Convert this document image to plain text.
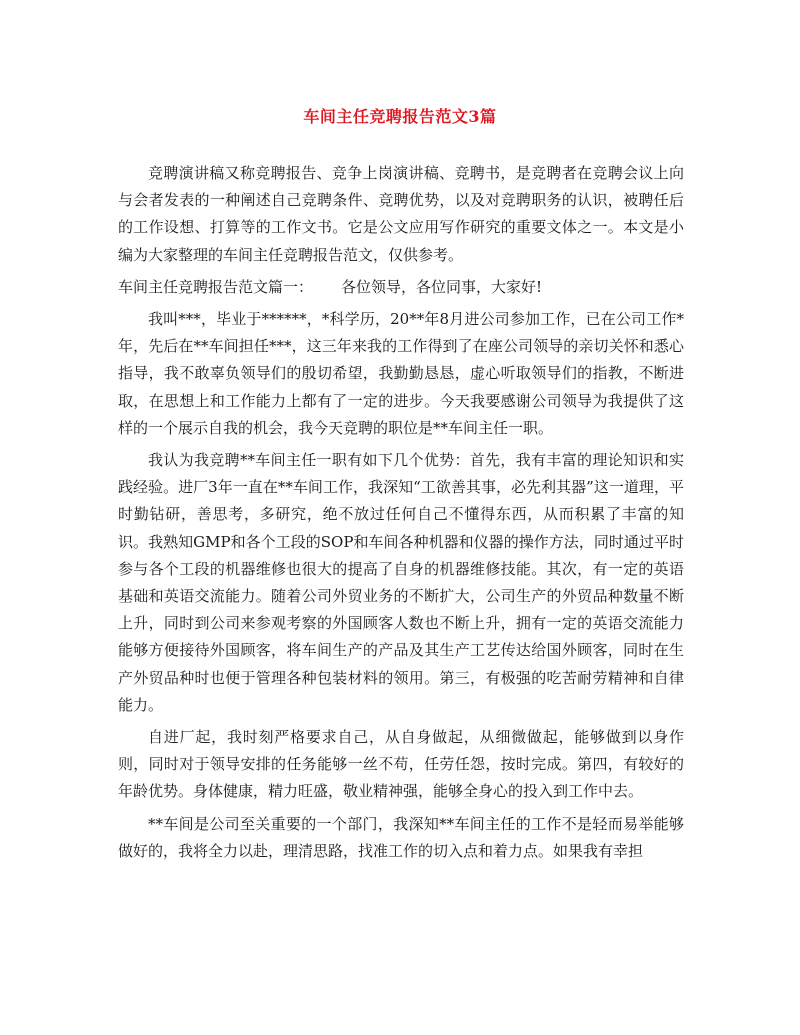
车间主任竞聘报告范文3篇

竞聘演讲稿又称竞聘报告、竞争上岗演讲稿、竞聘书，是竞聘者在竞聘会议上向与会者发表的一种阐述自己竞聘条件、竞聘优势，以及对竞聘职务的认识，被聘任后的工作设想、打算等的工作文书。它是公文应用写作研究的重要文体之一。本文是小编为大家整理的车间主任竞聘报告范文，仅供参考。

车间主任竞聘报告范文篇一： 各位领导，各位同事，大家好!

我叫***，毕业于******，*科学历，20**年8月进公司参加工作，已在公司工作*年，先后在**车间担任***，这三年来我的工作得到了在座公司领导的亲切关怀和悉心指导，我不敢辜负领导们的殷切希望，我勤勤恳恳，虚心听取领导们的指教，不断进取，在思想上和工作能力上都有了一定的进步。今天我要感谢公司领导为我提供了这样的一个展示自我的机会，我今天竞聘的职位是**车间主任一职。

我认为我竞聘**车间主任一职有如下几个优势：首先，我有丰富的理论知识和实践经验。进厂3年一直在**车间工作，我深知“工欲善其事，必先利其器”这一道理，平时勤钻研，善思考，多研究，绝不放过任何自己不懂得东西，从而积累了丰富的知识。我熟知GMP和各个工段的SOP和车间各种机器和仪器的操作方法，同时通过平时参与各个工段的机器维修也很大的提高了自身的机器维修技能。其次，有一定的英语基础和英语交流能力。随着公司外贸业务的不断扩大，公司生产的外贸品种数量不断上升，同时到公司来参观考察的外国顾客人数也不断上升，拥有一定的英语交流能力能够方便接待外国顾客，将车间生产的产品及其生产工艺传达给国外顾客，同时在生产外贸品种时也便于管理各种包装材料的领用。第三，有极强的吃苦耐劳精神和自律能力。

自进厂起，我时刻严格要求自己，从自身做起，从细微做起，能够做到以身作则，同时对于领导安排的任务能够一丝不苟，任劳任怨，按时完成。第四，有较好的年龄优势。身体健康，精力旺盛，敬业精神强，能够全身心的投入到工作中去。

**车间是公司至关重要的一个部门，我深知**车间主任的工作不是轻而易举能够做好的，我将全力以赴，理清思路，找准工作的切入点和着力点。如果我有幸担
